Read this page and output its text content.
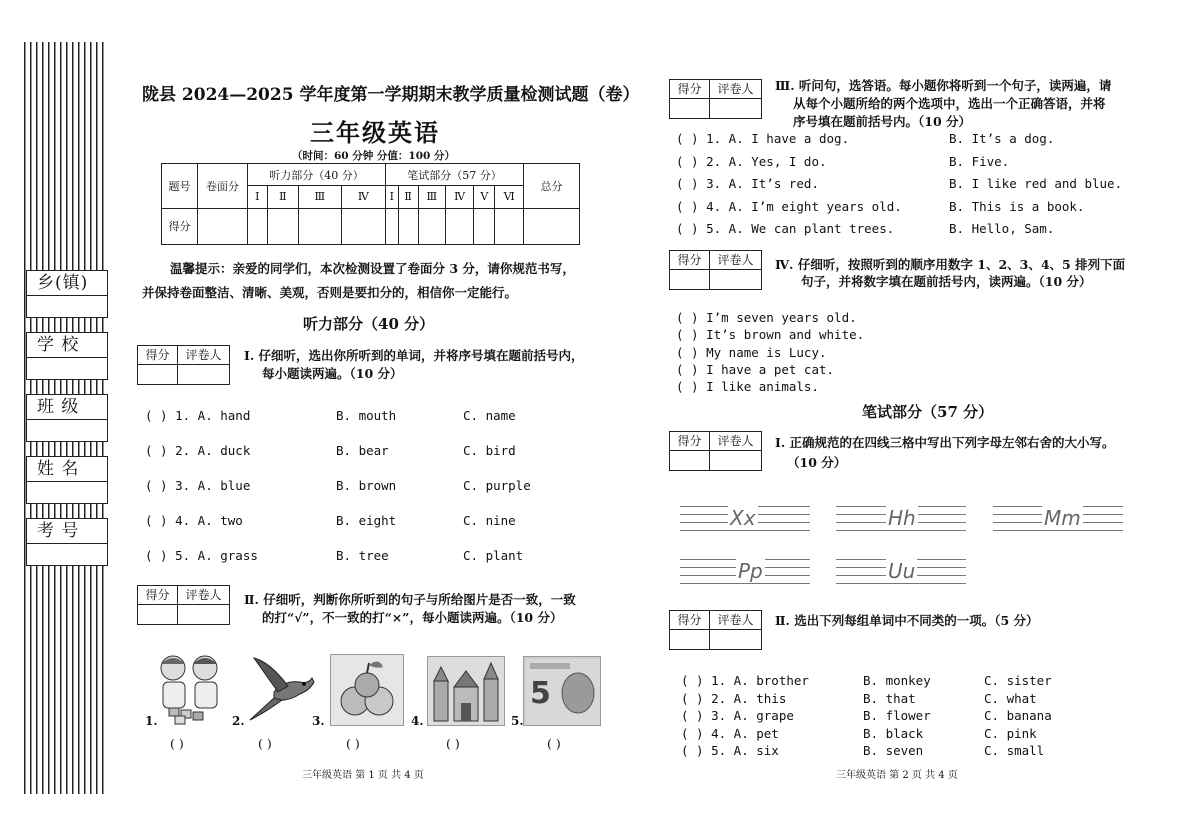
乡(镇)
学 校
班 级
姓 名
考 号
陇县 2024—2025 学年度第一学期期末教学质量检测试题（卷）
三年级英语
（时间：60 分钟 分值：100 分）
题号	卷面分	听力部分（40 分）				笔试部分（57 分）						总分
		Ⅰ	Ⅱ	Ⅲ	Ⅳ	Ⅰ	Ⅱ	Ⅲ	Ⅳ	Ⅴ	Ⅵ	
得分												
温馨提示：亲爱的同学们，本次检测设置了卷面分 3 分，请你规范书写，
并保持卷面整洁、清晰、美观，否则是要扣分的，相信你一定能行。
听力部分（40 分）
得分	评卷人	Ⅰ. 仔细听，选出你所听到的单词，并将序号填在题前括号内，
每小题读两遍。（10 分）
( ) 1. A. hand	B. mouth	C. name
( ) 2. A. duck	B. bear	C. bird
( ) 3. A. blue	B. brown	C. purple
( ) 4. A. two	B. eight	C. nine
( ) 5. A. grass	B. tree	C. plant
得分	评卷人	Ⅱ. 仔细听，判断你所听到的句子与所给图片是否一致，一致
的打“√”，不一致的打“×”，每小题读两遍。（10 分）
1.	2.	3.	4.
5
5.
( )	( )	( )	( )	( )
三年级英语 第 1 页 共 4 页
得分	评卷人	Ⅲ. 听问句，选答语。每小题你将听到一个句子，读两遍，请
从每个小题所给的两个选项中，选出一个正确答语，并将
序号填在题前括号内。（10 分）
( ) 1. A. I have a dog.	B. It’s a dog.
( ) 2. A. Yes, I do.	B. Five.
( ) 3. A. It’s red.	B. I like red and blue.
( ) 4. A. I’m eight years old.	B. This is a book.
( ) 5. A. We can plant trees.	B. Hello, Sam.
得分	评卷人	Ⅳ. 仔细听，按照听到的顺序用数字 1、2、3、4、5 排列下面
句子，并将数字填在题前括号内，读两遍。（10 分）
( ) I’m seven years old.
( ) It’s brown and white.
( ) My name is Lucy.
( ) I have a pet cat.
( ) I like animals.
笔试部分（57 分）
得分	评卷人	Ⅰ. 正确规范的在四线三格中写出下列字母左邻右舍的大小写。
（10 分）
Xx	Hh	Mm
Pp	Uu
得分	评卷人	Ⅱ. 选出下列每组单词中不同类的一项。（5 分）
( ) 1. A. brother	B. monkey	C. sister
( ) 2. A. this	B. that	C. what
( ) 3. A. grape	B. flower	C. banana
( ) 4. A. pet	B. black	C. pink
( ) 5. A. six	B. seven	C. small
三年级英语 第 2 页 共 4 页
